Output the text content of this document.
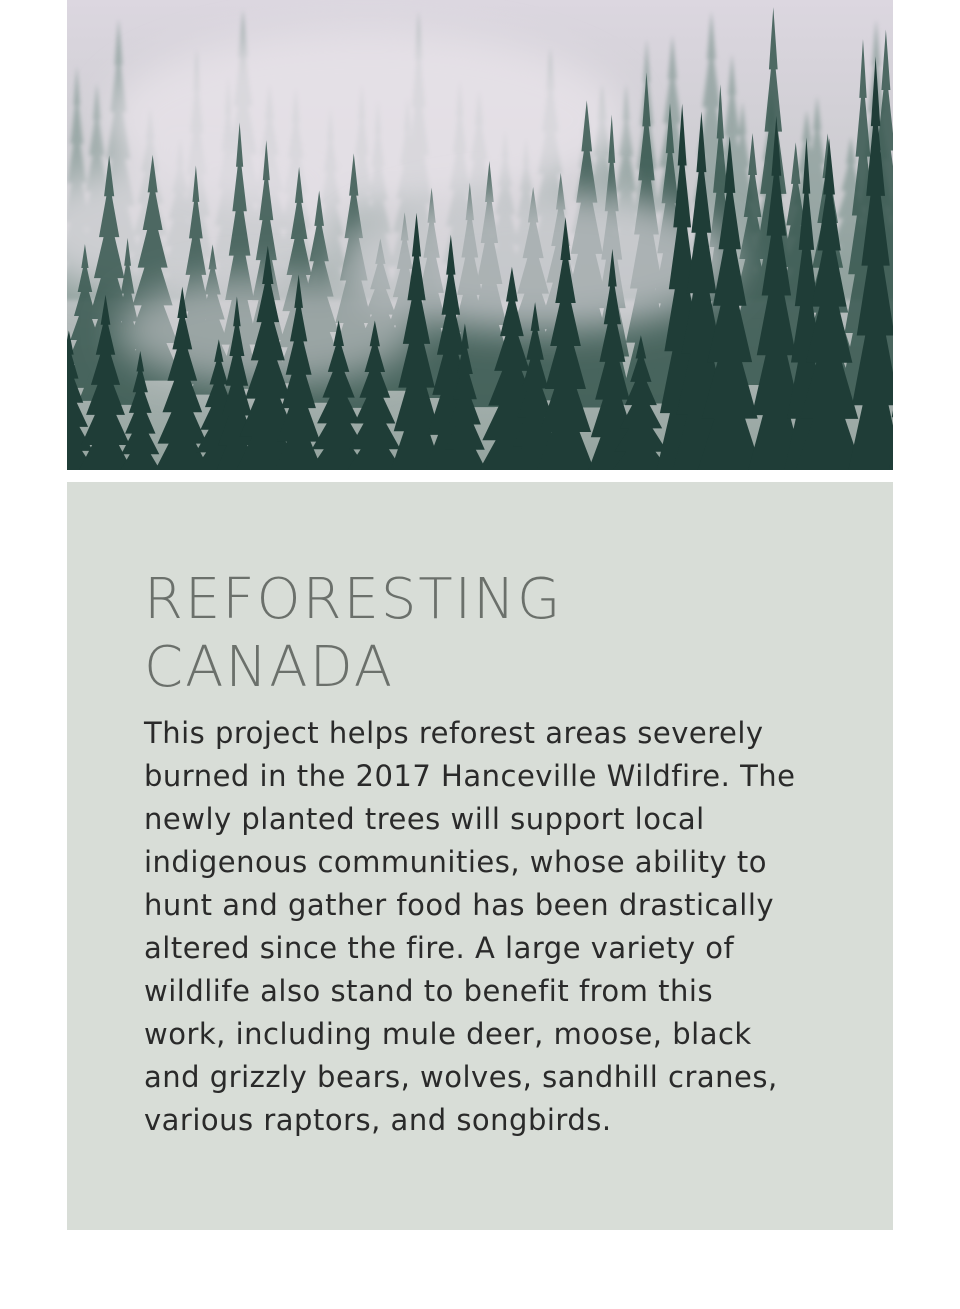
REFORESTING
CANADA

This project helps reforest areas severely burned in the 2017 Hanceville Wildfire. The newly planted trees will support local indigenous communities, whose ability to hunt and gather food has been drastically altered since the fire. A large variety of wildlife also stand to benefit from this work, including mule deer, moose, black and grizzly bears, wolves, sandhill cranes, various raptors, and songbirds.
